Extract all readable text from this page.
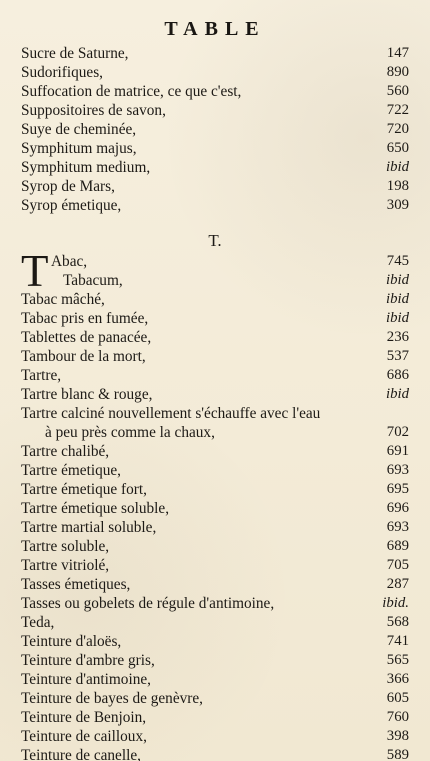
TABLE
Sucre de Saturne,	147
Sudorifiques,	890
Suffocation de matrice, ce que c'est,	560
Suppositoires de savon,	722
Suye de cheminée,	720
Symphitum majus,	650
Symphitum medium,	ibid
Syrop de Mars,	198
Syrop émetique,	309
T.
T Abac,	745
Tabacum,	ibid
Tabac mâché,	ibid
Tabac pris en fumée,	ibid
Tablettes de panacée,	236
Tambour de la mort,	537
Tartre,	686
Tartre blanc & rouge,	ibid
Tartre calciné nouvellement s'échauffe avec l'eau
à peu près comme la chaux,	702
Tartre chalibé,	691
Tartre émetique,	693
Tartre émetique fort,	695
Tartre émetique soluble,	696
Tartre martial soluble,	693
Tartre soluble,	689
Tartre vitriolé,	705
Tasses émetiques,	287
Tasses ou gobelets de régule d'antimoine,	ibid.
Teda,	568
Teinture d'aloës,	741
Teinture d'ambre gris,	565
Teinture d'antimoine,	366
Teinture de bayes de genèvre,	605
Teinture de Benjoin,	760
Teinture de cailloux,	398
Teinture de canelle,	589
